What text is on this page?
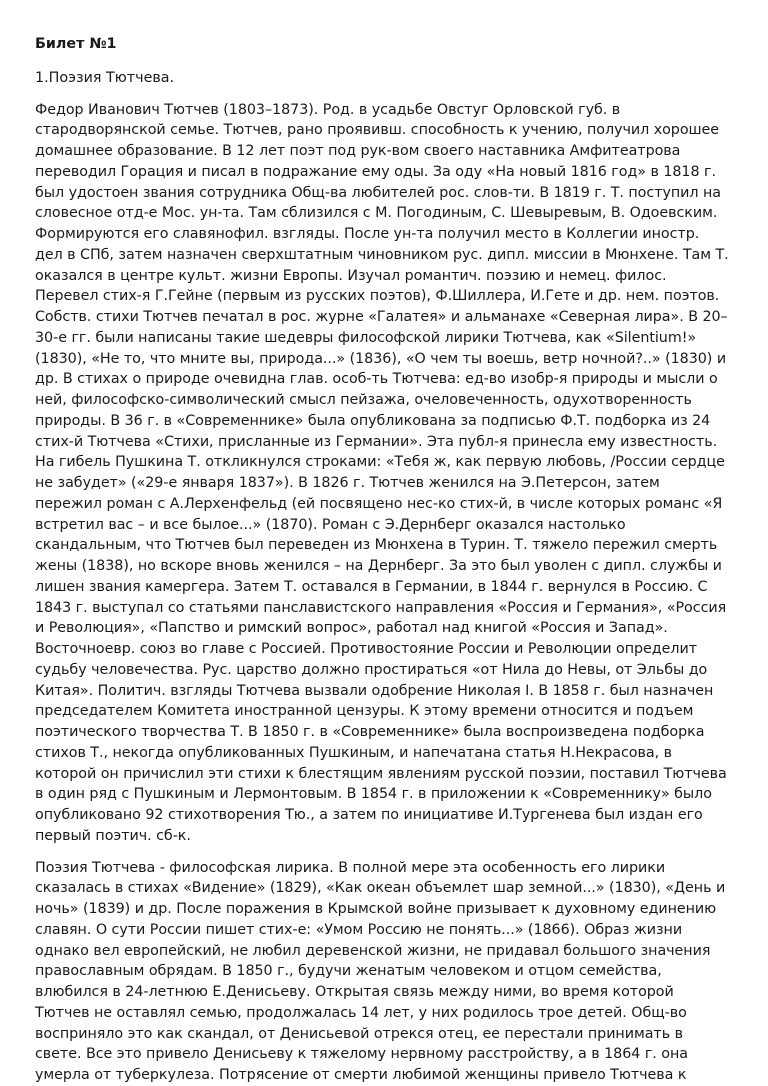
Билет №1
1.Поэзия Тютчева.

Федор Иванович Тютчев (1803–1873). Род. в усадьбе Овстуг Орловской губ. в стародворянской семье. Тютчев, рано проявивш. способность к учению, получил хорошее домашнее образование. В 12 лет поэт под рук-вом своего наставника Амфитеатрова переводил Горация и писал в подражание ему оды. За оду «На новый 1816 год» в 1818 г. был удостоен звания сотрудника Общ-ва любителей рос. слов-ти. В 1819 г. Т. поступил на словесное отд-е Мос. ун-та. Там сблизился с М. Погодиным, С. Шевыревым, В. Одоевским. Формируются его славянофил. взгляды. После ун-та получил место в Коллегии иностр. дел в СПб, затем назначен сверхштатным чиновником рус. дипл. миссии в Мюнхене. Там Т. оказался в центре культ. жизни Европы. Изучал романтич. поэзию и немец. филос. Перевел стих-я Г.Гейне (первым из русских поэтов), Ф.Шиллера, И.Гете и др. нем. поэтов. Собств. стихи Тютчев печатал в рос. журне «Галатея» и альманахе «Северная лира». В 20–30-е гг. были написаны такие шедевры философской лирики Тютчева, как «Silentium!» (1830), «Не то, что мните вы, природа...» (1836), «О чем ты воешь, ветр ночной?..» (1830) и др. В стихах о природе очевидна глав. особ-ть Тютчева: ед-во изобр-я природы и мысли о ней, философско-символический смысл пейзажа, очеловеченность, одухотворенность природы. В 36 г. в «Современнике» была опубликована за подписью Ф.Т. подборка из 24 стих-й Тютчева «Стихи, присланные из Германии». Эта публ-я принесла ему известность. На гибель Пушкина Т. откликнулся строками: «Тебя ж, как первую любовь, /России сердце не забудет» («29-е января 1837»). В 1826 г. Тютчев женился на Э.Петерсон, затем пережил роман с А.Лерхенфельд (ей посвящено нес-ко стих-й, в числе которых романс «Я встретил вас – и все былое...» (1870). Роман с Э.Дернберг оказался настолько скандальным, что Тютчев был переведен из Мюнхена в Турин. Т. тяжело пережил смерть жены (1838), но вскоре вновь женился – на Дернберг. За это был уволен с дипл. службы и лишен звания камергера. Затем Т. оставался в Германии, в 1844 г. вернулся в Россию. С 1843 г. выступал со статьями панславистского направления «Россия и Германия», «Россия и Революция», «Папство и римский вопрос», работал над книгой «Россия и Запад». Восточноевр. союз во главе с Россией. Противостояние России и Революции определит судьбу человечества. Рус. царство должно простираться «от Нила до Невы, от Эльбы до Китая». Политич. взгляды Тютчева вызвали одобрение Николая I. В 1858 г. был назначен председателем Комитета иностранной цензуры. К этому времени относится и подъем поэтического творчества Т. В 1850 г. в «Современнике» была воспроизведена подборка стихов Т., некогда опубликованных Пушкиным, и напечатана статья Н.Некрасова, в которой он причислил эти стихи к блестящим явлениям русской поэзии, поставил Тютчева в один ряд с Пушкиным и Лермонтовым. В 1854 г. в приложении к «Современнику» было опубликовано 92 стихотворения Тю., а затем по инициативе И.Тургенева был издан его первый поэтич. сб-к.

Поэзия Тютчева - философская лирика. В полной мере эта особенность его лирики сказалась в стихах «Видение» (1829), «Как океан объемлет шар земной...» (1830), «День и ночь» (1839) и др. После поражения в Крымской войне призывает к духовному единению славян. О сути России пишет стих-е: «Умом Россию не понять...» (1866). Образ жизни однако вел европейский, не любил деревенской жизни, не придавал большого значения православным обрядам. В 1850 г., будучи женатым человеком и отцом семейства, влюбился в 24-летнюю Е.Денисьеву. Открытая связь между ними, во время которой Тютчев не оставлял семью, продолжалась 14 лет, у них родилось трое детей. Общ-во восприняло это как скандал, от Денисьевой отрекся отец, ее перестали принимать в свете. Все это привело Денисьеву к тяжелому нервному расстройству, а в 1864 г. она умерла от туберкулеза. Потрясение от смерти любимой женщины привело Тютчева к
